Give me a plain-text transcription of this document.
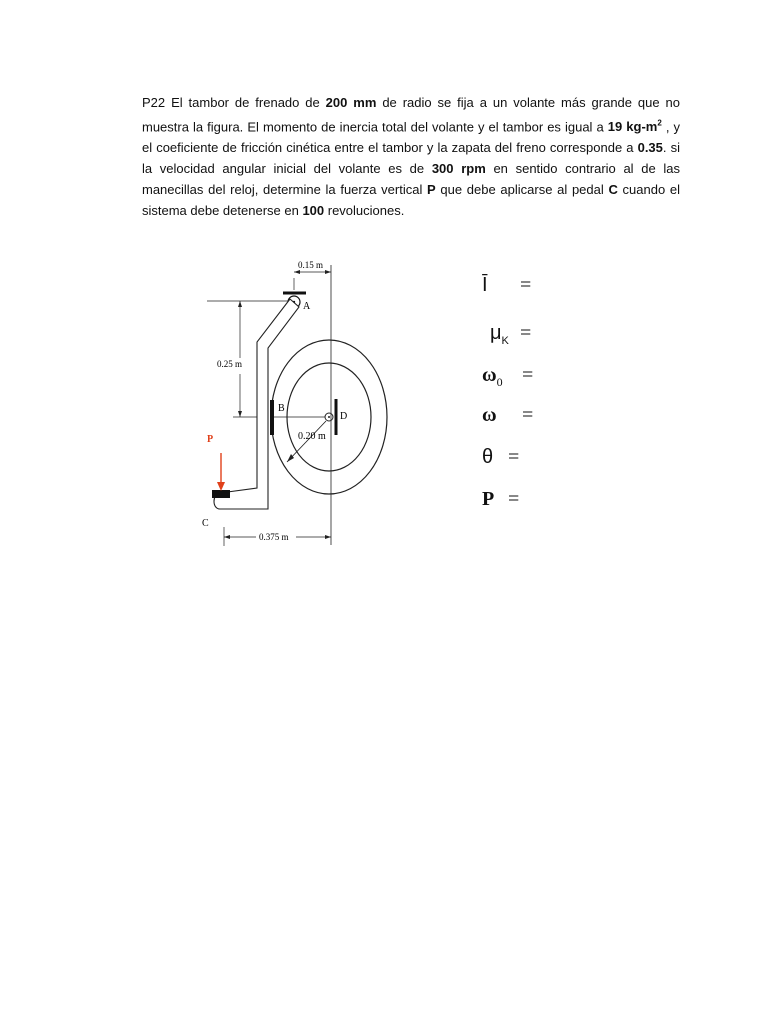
P22 El tambor de frenado de 200 mm de radio se fija a un volante más grande que no muestra la figura. El momento de inercia total del volante y el tambor es igual a 19 $kg-m^2$ , y el coeficiente de fricción cinética entre el tambor y la zapata del freno corresponde a 0.35. si la velocidad angular inicial del volante es de 300 rpm en sentido contrario al de las manecillas del reloj, determine la fuerza vertical P que debe aplicarse al pedal C cuando el sistema debe detenerse en 100 revoluciones.
0.20 m
A
B
D
C
P
0.15 m
0.25 m
0.375 m
Ī =
$\mu_K$ =
$\omega_0$ =
ω =
θ =
P =
